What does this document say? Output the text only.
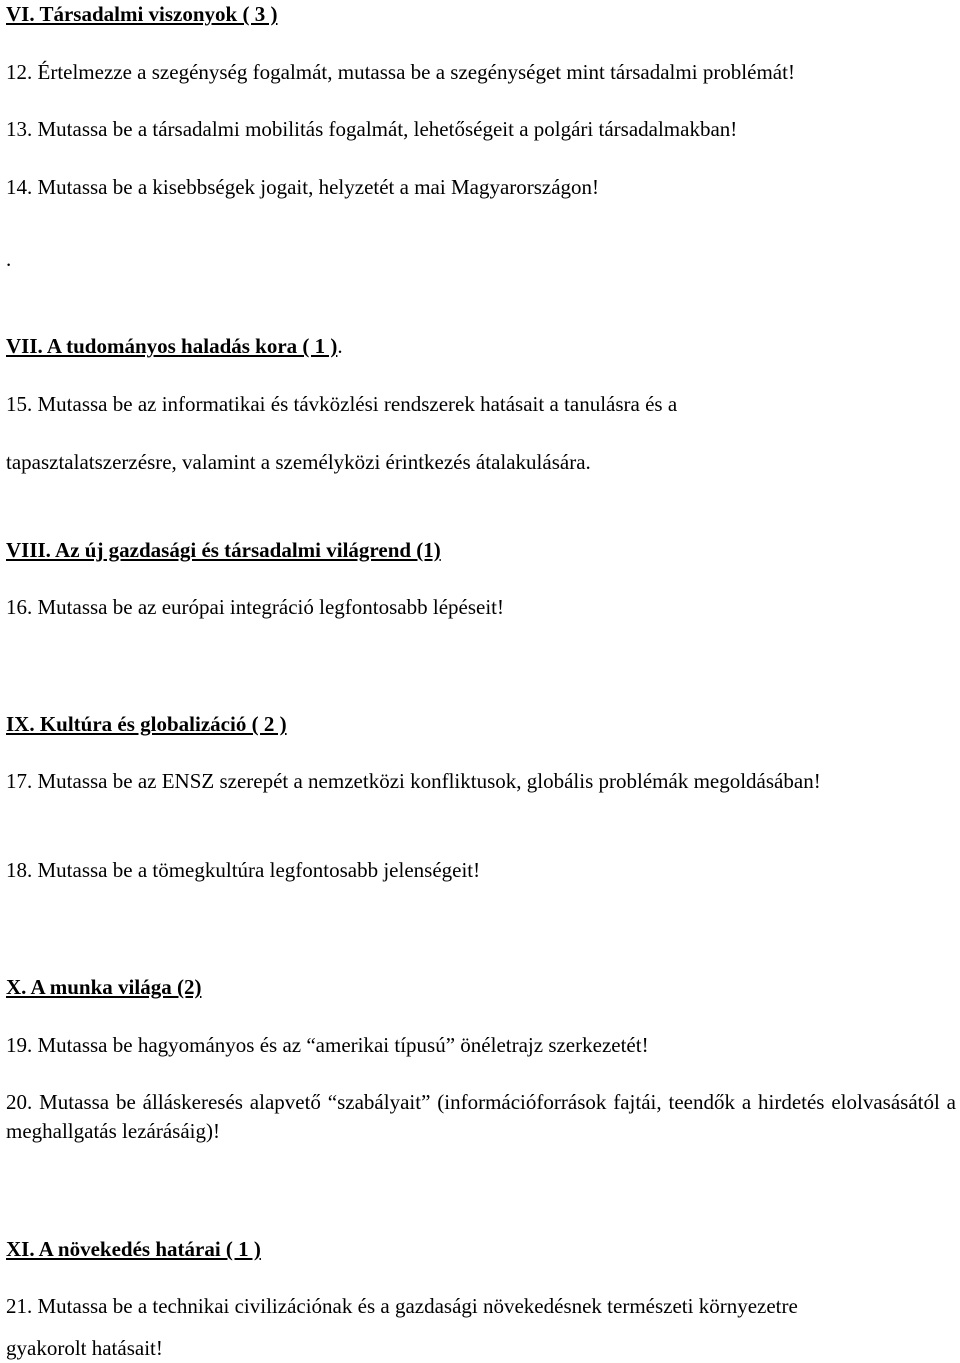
VI. Társadalmi viszonyok ( 3 )

12. Értelmezze a szegénység fogalmát, mutassa be a szegénységet mint társadalmi problémát!

13. Mutassa be a társadalmi mobilitás fogalmát, lehetőségeit a polgári társadalmakban!

14. Mutassa be a kisebbségek jogait, helyzetét a mai Magyarországon!

.

VII. A tudományos haladás kora ( 1 ).

15. Mutassa be az informatikai és távközlési rendszerek hatásait a tanulásra és a

tapasztalatszerzésre, valamint a személyközi érintkezés átalakulására.

VIII. Az új gazdasági és társadalmi világrend (1)

16. Mutassa be az európai integráció legfontosabb lépéseit!

IX. Kultúra és globalizáció ( 2 )

17. Mutassa be az ENSZ szerepét a nemzetközi konfliktusok, globális problémák megoldásában!

18. Mutassa be a tömegkultúra legfontosabb jelenségeit!

X. A munka világa (2)

19. Mutassa be hagyományos és az “amerikai típusú” önéletrajz szerkezetét!

20. Mutassa be álláskeresés alapvető “szabályait” (információforrások fajtái, teendők a hirdetés elolvasásától a meghallgatás lezárásáig)!

XI. A növekedés határai ( 1 )

21. Mutassa be a technikai civilizációnak és a gazdasági növekedésnek természeti környezetre

gyakorolt hatásait!
